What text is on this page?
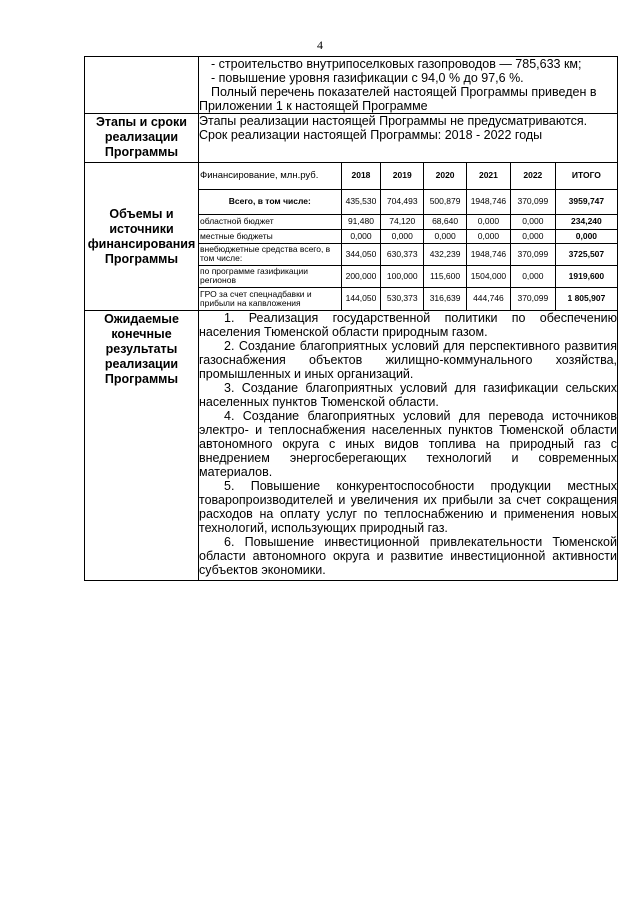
4

- строительство внутрипоселковых газопроводов — 785,633 км;

- повышение уровня газификации с 94,0 % до 97,6 %.

Полный перечень показателей настоящей Программы приведен в Приложении 1 к настоящей Программе

Этапы и сроки реализации Программы	

Этапы реализации настоящей Программы не предусматриваются.

Срок реализации настоящей Программы: 2018 - 2022 годы

Объемы и источники финансирования Программы	
Финансирование, млн.руб.	2018	2019	2020	2021	2022	ИТОГО
Всего, в том числе:	435,530	704,493	500,879	1948,746	370,099	3959,747
областной бюджет	91,480	74,120	68,640	0,000	0,000	234,240
местные бюджеты	0,000	0,000	0,000	0,000	0,000	0,000
внебюджетные средства всего, в том числе:	344,050	630,373	432,239	1948,746	370,099	3725,507
по программе газификации регионов	200,000	100,000	115,600	1504,000	0,000	1919,600
ГРО за счет спецнадбавки и прибыли на капвложения	144,050	530,373	316,639	444,746	370,099	1 805,907

Ожидаемые конечные результаты реализации Программы	

1. Реализация государственной политики по обеспечению населения Тюменской области природным газом.

2. Создание благоприятных условий для перспективного развития газоснабжения объектов жилищно-коммунального хозяйства, промышленных и иных организаций.

3. Создание благоприятных условий для газификации сельских населенных пунктов Тюменской области.

4. Создание благоприятных условий для перевода источников электро- и теплоснабжения населенных пунктов Тюменской области автономного округа с иных видов топлива на природный газ с внедрением энергосберегающих технологий и современных материалов.

5. Повышение конкурентоспособности продукции местных товаропроизводителей и увеличения их прибыли за счет сокращения расходов на оплату услуг по теплоснабжению и применения новых технологий, использующих природный газ.

6. Повышение инвестиционной привлекательности Тюменской области автономного округа и развитие инвестиционной активности субъектов экономики.
